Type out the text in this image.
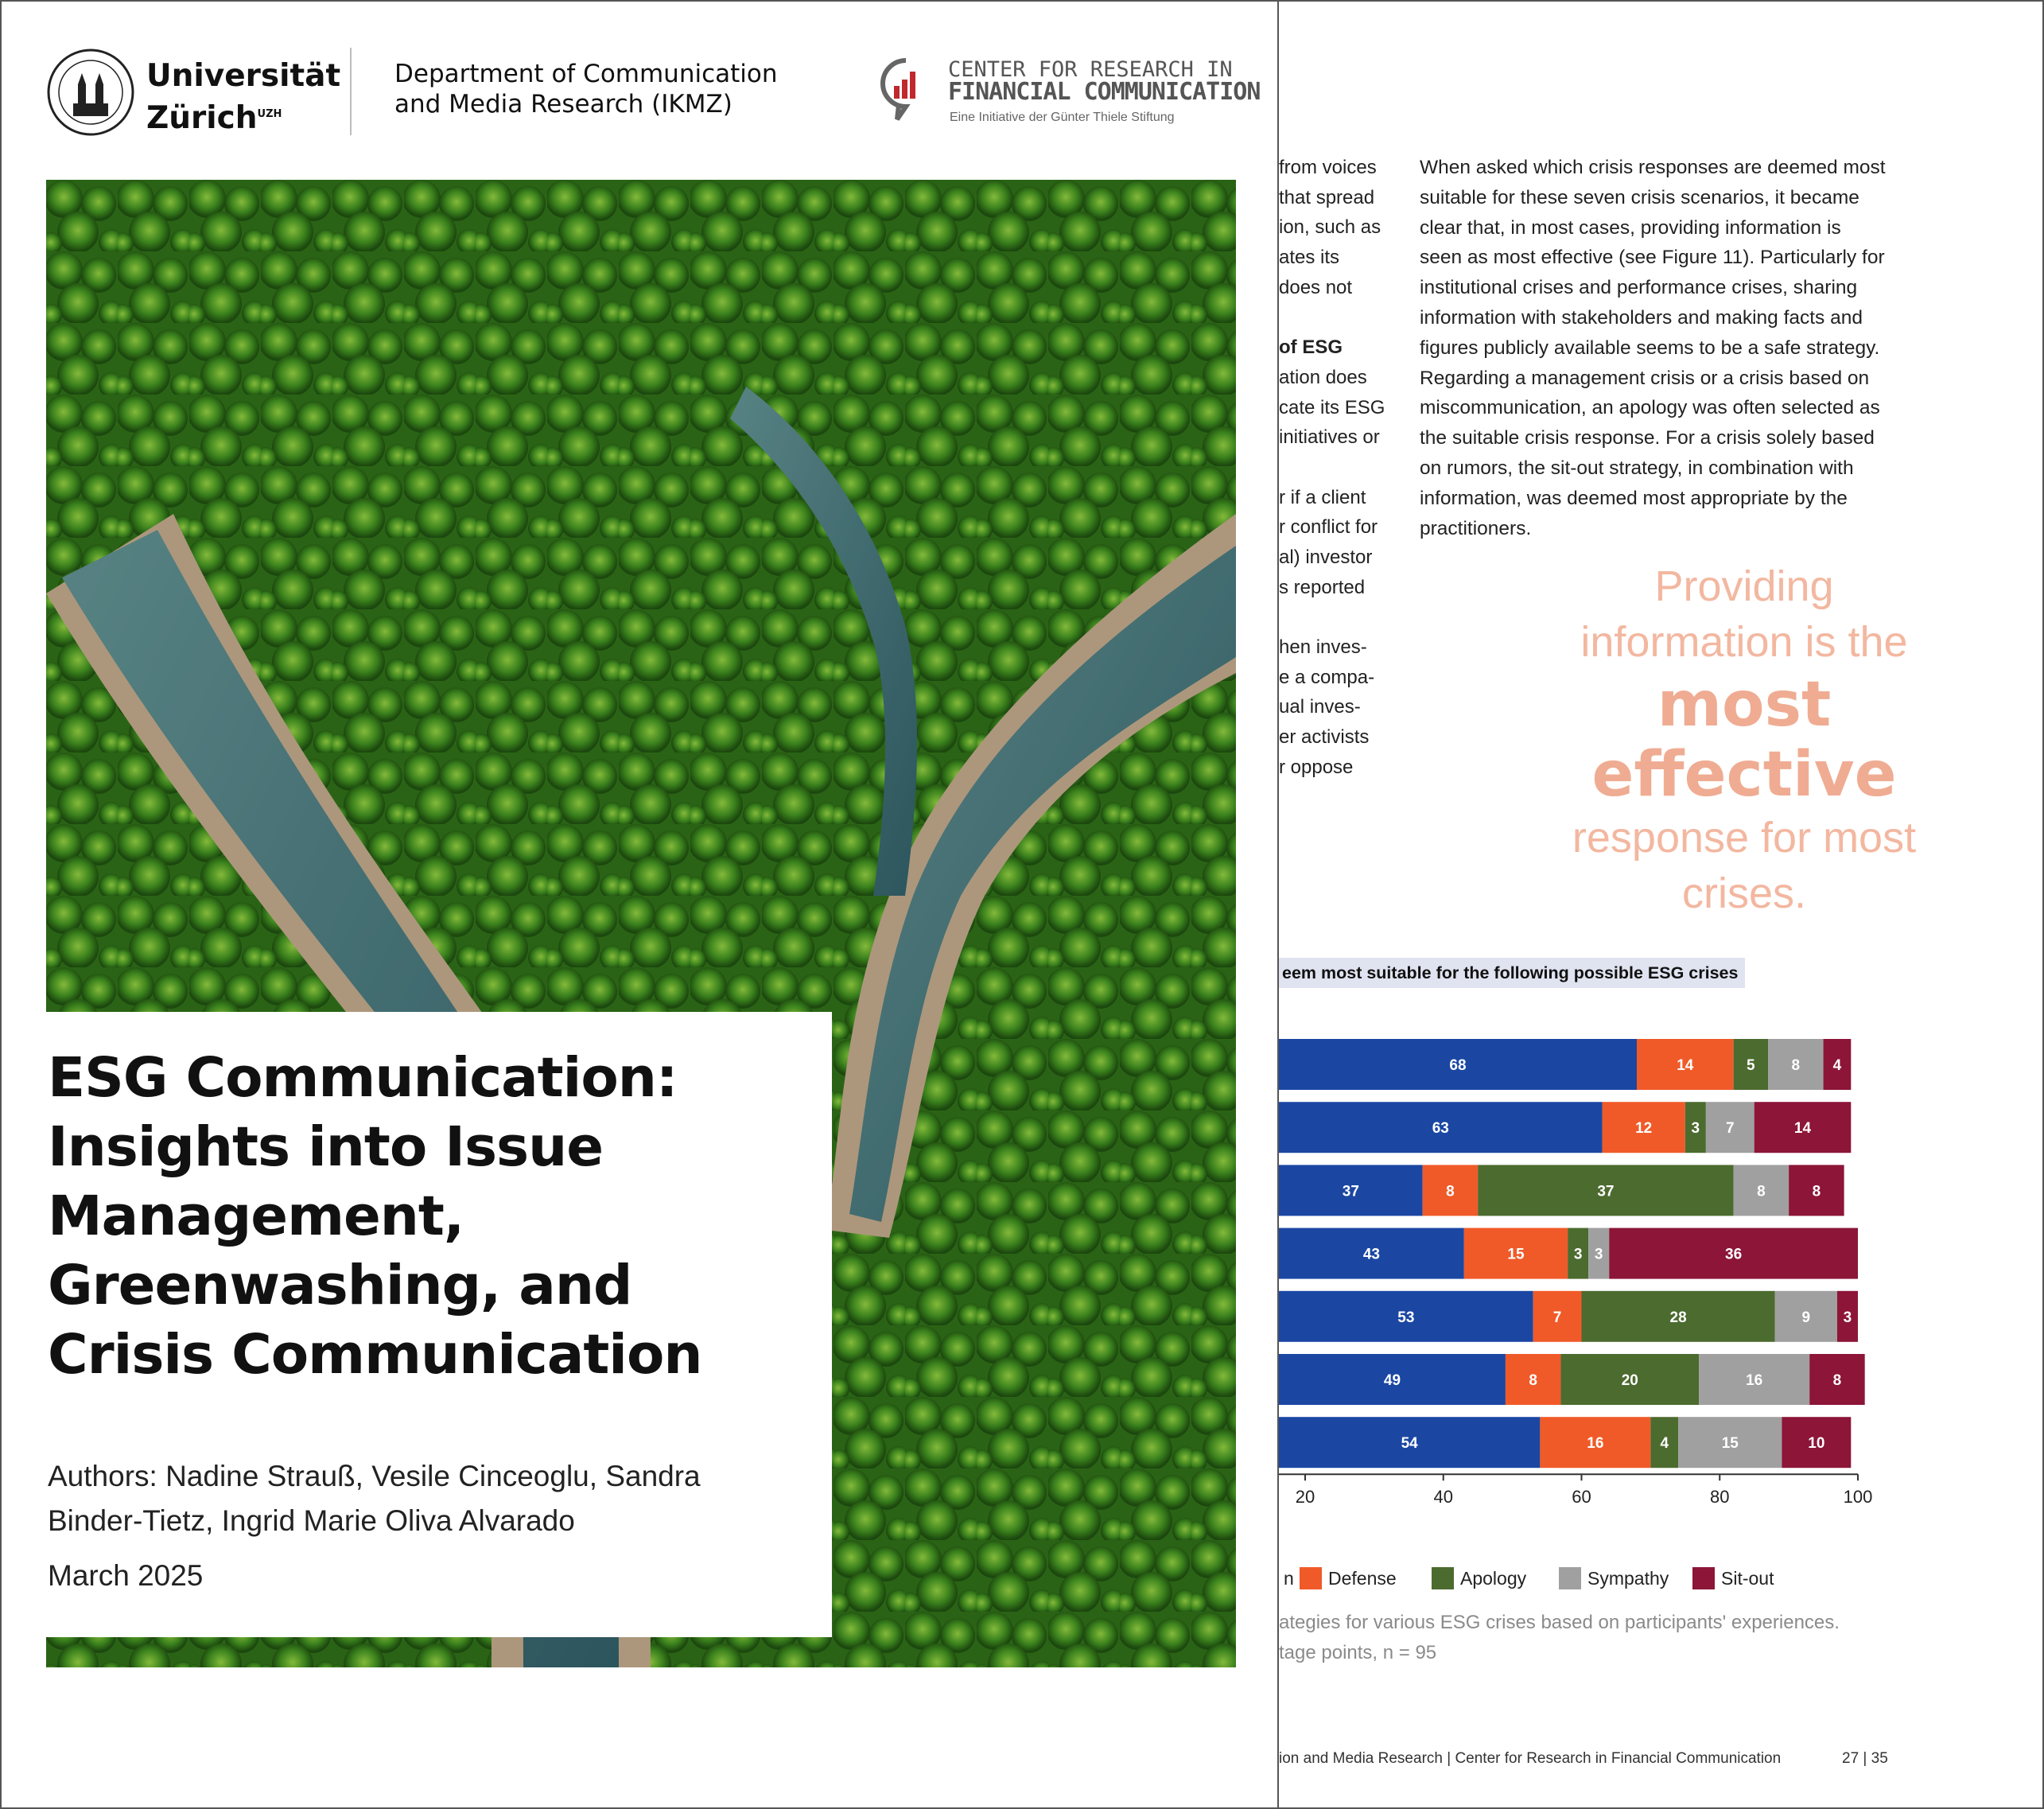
Universität
Zürich$^{UZH}$
Department of Communication
and Media Research (IKMZ)
CENTER FOR RESEARCH IN
FINANCIAL COMMUNICATION
Eine Initiative der Günter Thiele Stiftung
ESG Communication:
Insights into Issue
Management,
Greenwashing, and
Crisis Communication
Authors: Nadine Strauß, Vesile Cinceoglu, Sandra
Binder-Tietz, Ingrid Marie Oliva Alvarado
March 2025
from voices
that spread
ion, such as
ates its
does not
of ESG
ation does
cate its ESG
initiatives or
r if a client
r conflict for
al) investor
s reported
hen inves-
e a compa-
ual inves-
er activists
r oppose
When asked which crisis responses are deemed most
suitable for these seven crisis scenarios, it became
clear that, in most cases, providing information is
seen as most effective (see Figure 11). Particularly for
institutional crises and performance crises, sharing
information with stakeholders and making facts and
figures publicly available seems to be a safe strategy.
Regarding a management crisis or a crisis based on
miscommunication, an apology was often selected as
the suitable crisis response. For a crisis solely based
on rumors, the sit-out strategy, in combination with
information, was deemed most appropriate by the
practitioners.
Providing
information is the
most
effective
response for most
crises.
eem most suitable for the following possible ESG crises
68	14	5 8 4
63	12	3 7	14
37	8	37	8	8
43	15	3 3	36
53	7	28	9 3
49	8	20	16	8
54	16	4	15	10
20	40	60	80	100
n Defense	Apology	Sympathy	Sit-out
ategies for various ESG crises based on participants' experiences.
tage points, n = 95
ion and Media Research | Center for Research in Financial Communication	27 | 35
